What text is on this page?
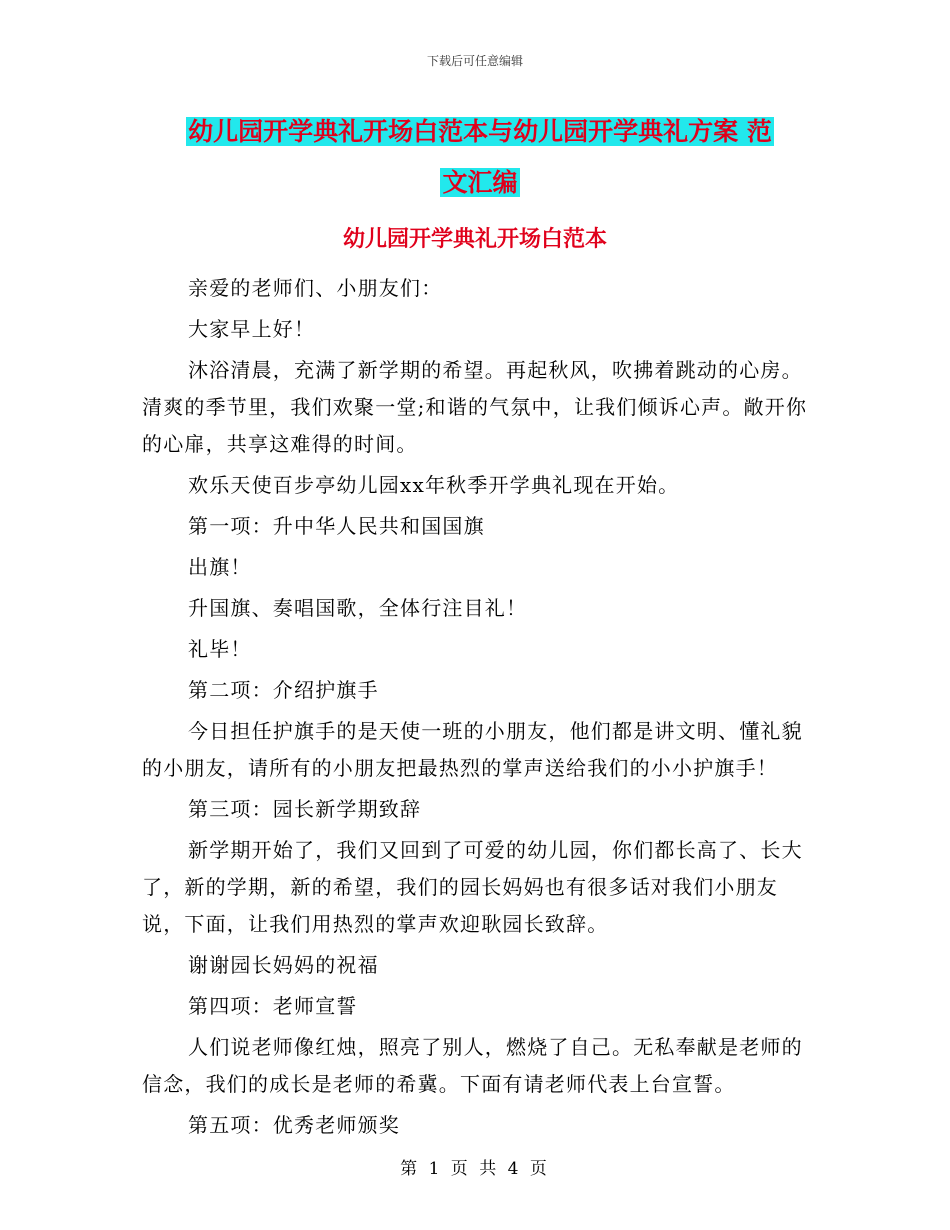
下载后可任意编辑
幼儿园开学典礼开场白范本与幼儿园开学典礼方案 范
文汇编
幼儿园开学典礼开场白范本

亲爱的老师们、小朋友们：

大家早上好！

沐浴清晨，充满了新学期的希望。再起秋风，吹拂着跳动的心房。清爽的季节里，我们欢聚一堂;和谐的气氛中，让我们倾诉心声。敞开你的心扉，共享这难得的时间。

欢乐天使百步亭幼儿园xx年秋季开学典礼现在开始。

第一项：升中华人民共和国国旗

出旗！

升国旗、奏唱国歌，全体行注目礼！

礼毕！

第二项：介绍护旗手

今日担任护旗手的是天使一班的小朋友，他们都是讲文明、懂礼貌的小朋友，请所有的小朋友把最热烈的掌声送给我们的小小护旗手！

第三项：园长新学期致辞

新学期开始了，我们又回到了可爱的幼儿园，你们都长高了、长大了，新的学期，新的希望，我们的园长妈妈也有很多话对我们小朋友说，下面，让我们用热烈的掌声欢迎耿园长致辞。

谢谢园长妈妈的祝福

第四项：老师宣誓

人们说老师像红烛，照亮了别人，燃烧了自己。无私奉献是老师的信念，我们的成长是老师的希冀。下面有请老师代表上台宣誓。

第五项：优秀老师颁奖

第 1 页 共 4 页
